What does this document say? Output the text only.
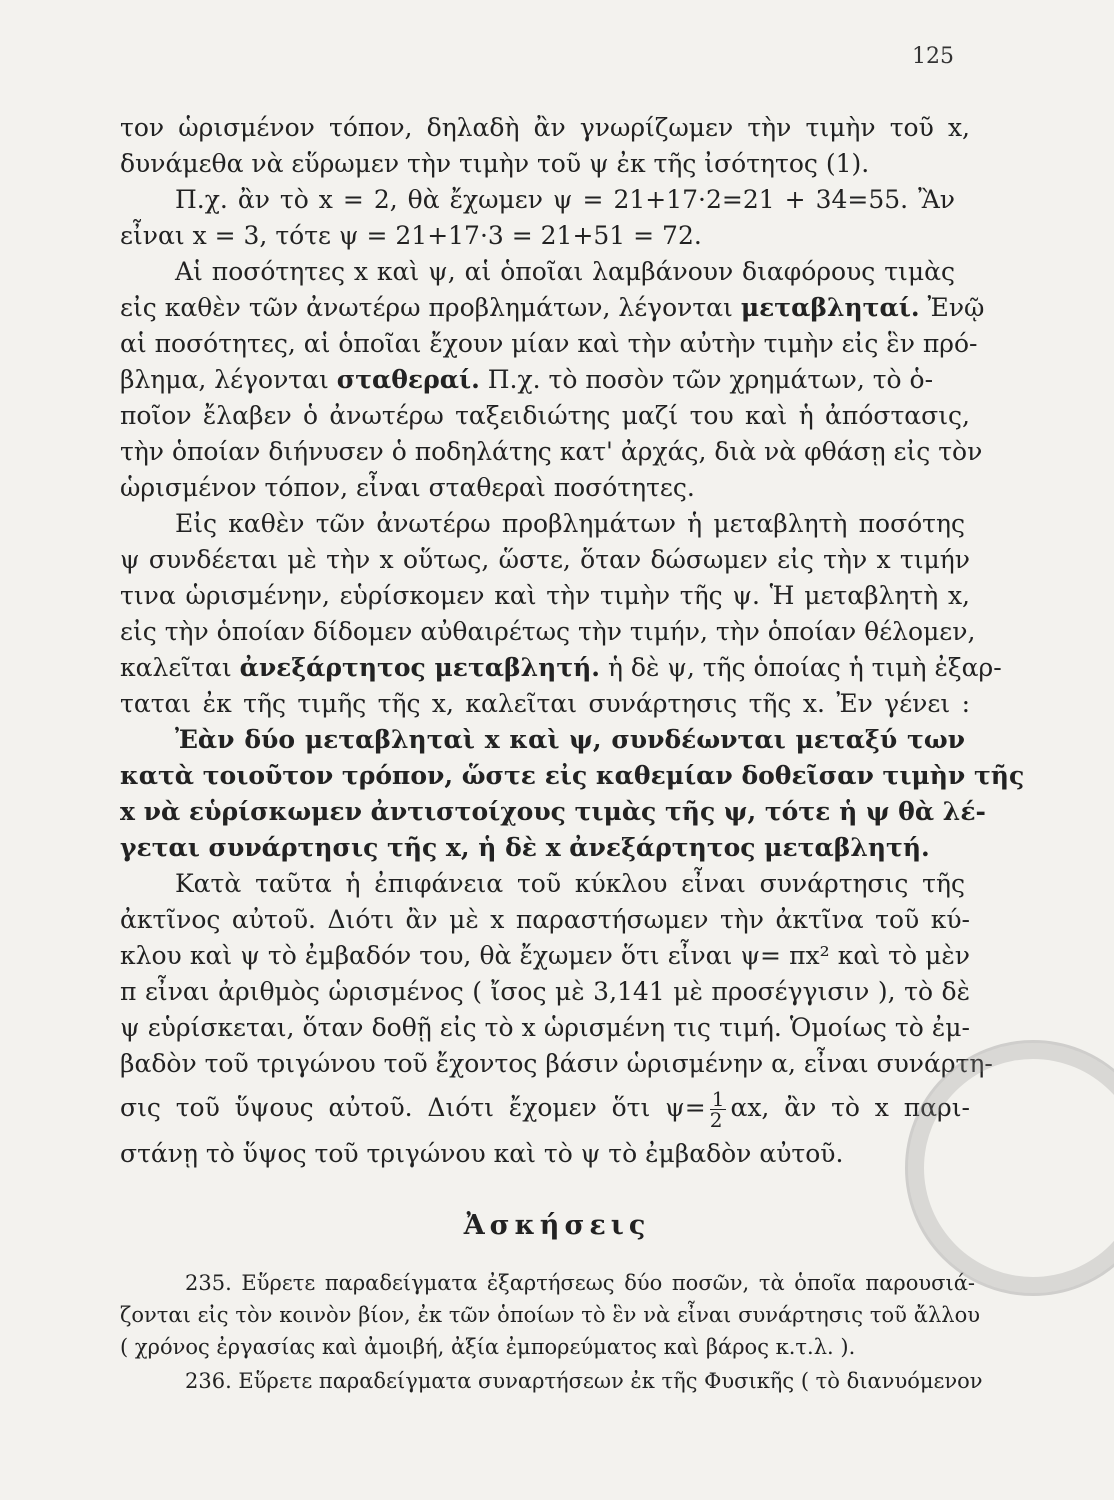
125
τον ὡρισμένον τόπον, δηλαδὴ ἂν γνωρίζωμεν τὴν τιμὴν τοῦ x,
δυνάμεθα νὰ εὕρωμεν τὴν τιμὴν τοῦ ψ ἐκ τῆς ἰσότητος (1).
Π.χ. ἂν τὸ x = 2, θὰ ἔχωμεν ψ = 21+17·2=21 + 34=55. Ἂν
εἶναι x = 3, τότε ψ = 21+17·3 = 21+51 = 72.
Αἱ ποσότητες x καὶ ψ, αἱ ὁποῖαι λαμβάνουν διαφόρους τιμὰς
εἰς καθὲν τῶν ἀνωτέρω προβλημάτων, λέγονται μεταβληταί. Ἐνῷ
αἱ ποσότητες, αἱ ὁποῖαι ἔχουν μίαν καὶ τὴν αὐτὴν τιμὴν εἰς ἓν πρό-
βλημα, λέγονται σταθεραί. Π.χ. τὸ ποσὸν τῶν χρημάτων, τὸ ὁ-
ποῖον ἔλαβεν ὁ ἀνωτέρω ταξειδιώτης μαζί του καὶ ἡ ἀπόστασις,
τὴν ὁποίαν διήνυσεν ὁ ποδηλάτης κατ' ἀρχάς, διὰ νὰ φθάσῃ εἰς τὸν
ὡρισμένον τόπον, εἶναι σταθεραὶ ποσότητες.
Εἰς καθὲν τῶν ἀνωτέρω προβλημάτων ἡ μεταβλητὴ ποσότης
ψ συνδέεται μὲ τὴν x οὕτως, ὥστε, ὅταν δώσωμεν εἰς τὴν x τιμήν
τινα ὡρισμένην, εὑρίσκομεν καὶ τὴν τιμὴν τῆς ψ. Ἡ μεταβλητὴ x,
εἰς τὴν ὁποίαν δίδομεν αὐθαιρέτως τὴν τιμήν, τὴν ὁποίαν θέλομεν,
καλεῖται ἀνεξάρτητος μεταβλητή. ἡ δὲ ψ, τῆς ὁποίας ἡ τιμὴ ἐξαρ-
ταται ἐκ τῆς τιμῆς τῆς x, καλεῖται συνάρτησις τῆς x. Ἐν γένει :
Ἐὰν δύο μεταβληταὶ x καὶ ψ, συνδέωνται μεταξύ των
κατὰ τοιοῦτον τρόπον, ὥστε εἰς καθεμίαν δοθεῖσαν τιμὴν τῆς
x νὰ εὑρίσκωμεν ἀντιστοίχους τιμὰς τῆς ψ, τότε ἡ ψ θὰ λέ-
γεται συνάρτησις τῆς x, ἡ δὲ x ἀνεξάρτητος μεταβλητή.
Κατὰ ταῦτα ἡ ἐπιφάνεια τοῦ κύκλου εἶναι συνάρτησις τῆς
ἀκτῖνος αὐτοῦ. Διότι ἂν μὲ x παραστήσωμεν τὴν ἀκτῖνα τοῦ κύ-
κλου καὶ ψ τὸ ἐμβαδόν του, θὰ ἔχωμεν ὅτι εἶναι ψ= πx² καὶ τὸ μὲν
π εἶναι ἀριθμὸς ὡρισμένος ( ἴσος μὲ 3,141 μὲ προσέγγισιν ), τὸ δὲ
ψ εὑρίσκεται, ὅταν δοθῇ εἰς τὸ x ὡρισμένη τις τιμή. Ὁμοίως τὸ ἐμ-
βαδὸν τοῦ τριγώνου τοῦ ἔχοντος βάσιν ὡρισμένην α, εἶναι συνάρτη-
σις τοῦ ὕψους αὐτοῦ. Διότι ἔχομεν ὅτι $\psi= \frac{1}{2} \alpha x$, ἂν τὸ x παρι-
στάνῃ τὸ ὕψος τοῦ τριγώνου καὶ τὸ ψ τὸ ἐμβαδὸν αὐτοῦ.
Ἀσκήσεις
235. Εὕρετε παραδείγματα ἐξαρτήσεως δύο ποσῶν, τὰ ὁποῖα παρουσιά-
ζονται εἰς τὸν κοινὸν βίον, ἐκ τῶν ὁποίων τὸ ἓν νὰ εἶναι συνάρτησις τοῦ ἄλλου
( χρόνος ἐργασίας καὶ ἀμοιβή, ἀξία ἐμπορεύματος καὶ βάρος κ.τ.λ. ).
236. Εὕρετε παραδείγματα συναρτήσεων ἐκ τῆς Φυσικῆς ( τὸ διανυόμενον
